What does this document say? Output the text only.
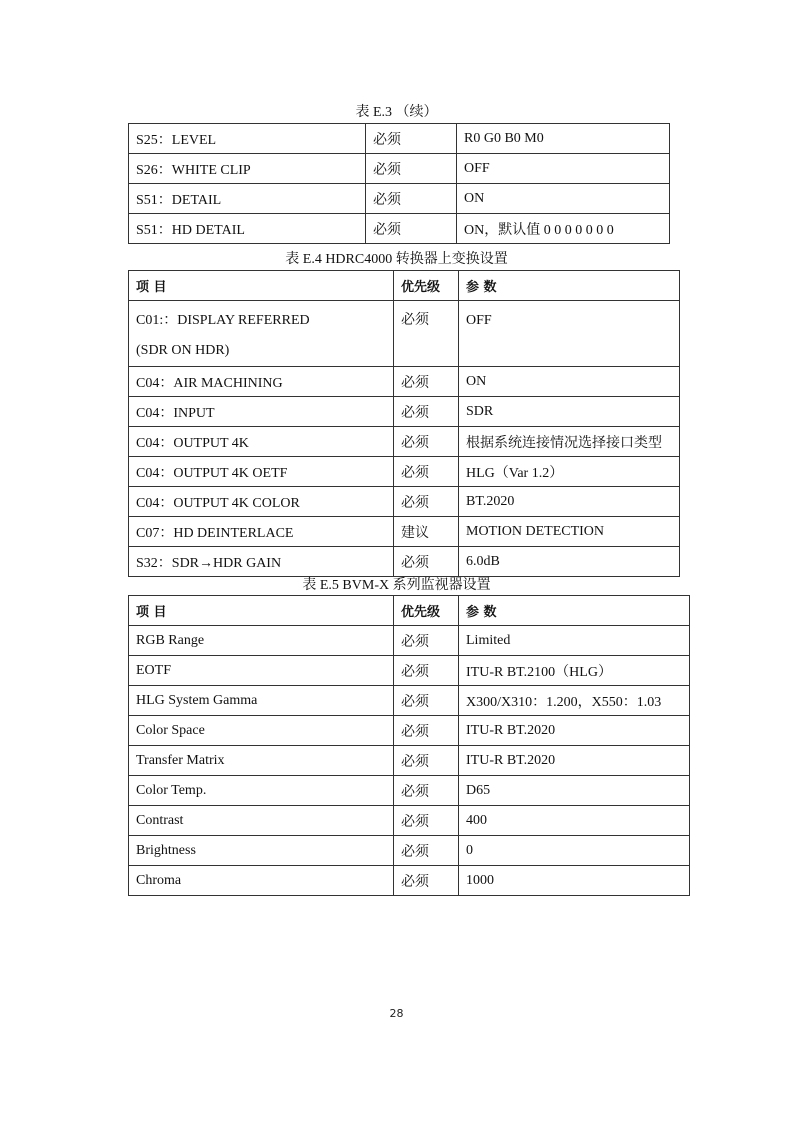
表 E.3 （续）
S25：LEVEL	必须	R0 G0 B0 M0
S26：WHITE CLIP	必须	OFF
S51：DETAIL	必须	ON
S51：HD DETAIL	必须	ON，默认值 0 0 0 0 0 0 0
表 E.4 HDRC4000 转换器上变换设置
项 目	优先级	参 数

C01:：DISPLAY REFERRED
(SDR ON HDR)	必须	OFF
C04：AIR MACHINING	必须	ON
C04：INPUT	必须	SDR
C04：OUTPUT 4K	必须	根据系统连接情况选择接口类型
C04：OUTPUT 4K OETF	必须	HLG（Var 1.2）
C04：OUTPUT 4K COLOR	必须	BT.2020
C07：HD DEINTERLACE	建议	MOTION DETECTION
S32：SDR→HDR GAIN	必须	6.0dB
表 E.5 BVM-X 系列监视器设置
项 目	优先级	参 数
RGB Range	必须	Limited
EOTF	必须	ITU-R BT.2100（HLG）
HLG System Gamma	必须	X300/X310：1.200，X550：1.03
Color Space	必须	ITU-R BT.2020
Transfer Matrix	必须	ITU-R BT.2020
Color Temp.	必须	D65
Contrast	必须	400
Brightness	必须	0
Chroma	必须	1000
28
